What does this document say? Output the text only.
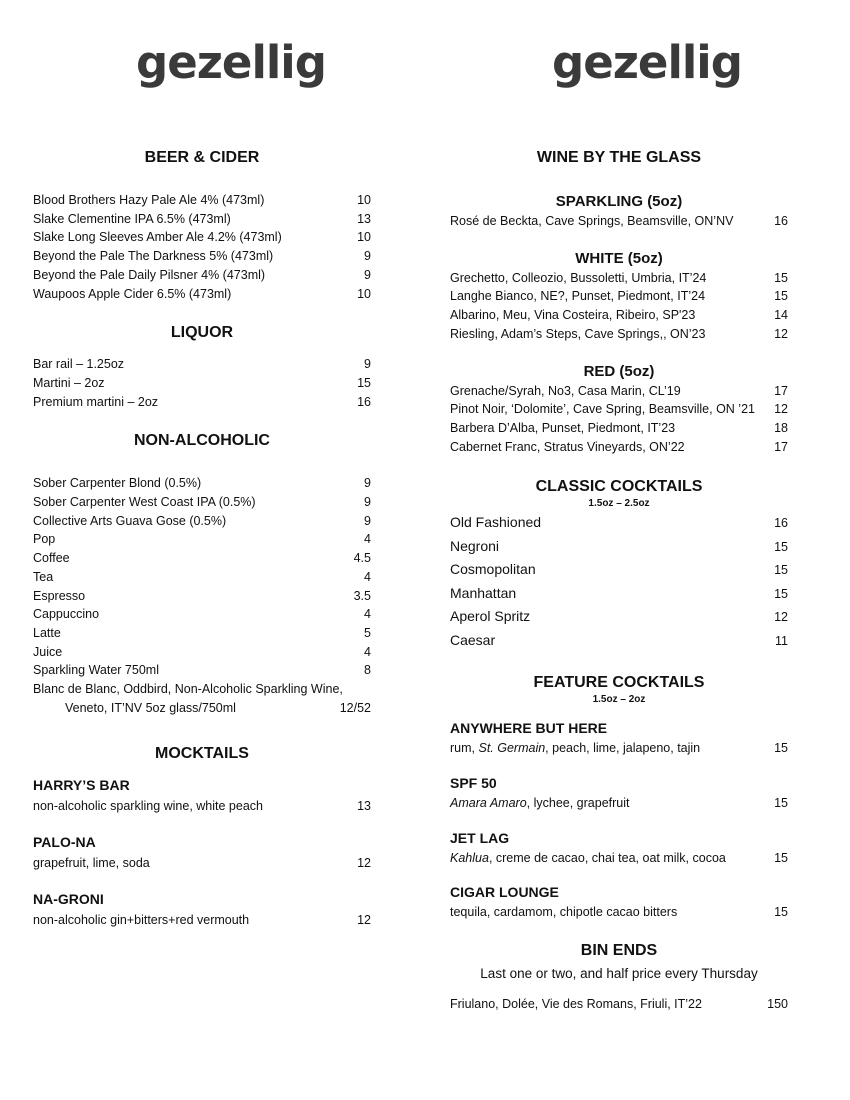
gezellig	gezellig
BEER & CIDER
Blood Brothers Hazy Pale Ale 4% (473ml)	10
Slake Clementine IPA 6.5% (473ml)	13
Slake Long Sleeves Amber Ale 4.2% (473ml)	10
Beyond the Pale The Darkness 5% (473ml)	9
Beyond the Pale Daily Pilsner 4% (473ml)	9
Waupoos Apple Cider 6.5% (473ml)	10
LIQUOR
Bar rail – 1.25oz	9
Martini – 2oz	15
Premium martini – 2oz	16
NON-ALCOHOLIC
Sober Carpenter Blond (0.5%)	9
Sober Carpenter West Coast IPA (0.5%)	9
Collective Arts Guava Gose (0.5%)	9
Pop	4
Coffee	4.5
Tea	4
Espresso	3.5
Cappuccino	4
Latte	5
Juice	4
Sparkling Water 750ml	8
Blanc de Blanc, Oddbird, Non-Alcoholic Sparkling Wine,
Veneto, IT’NV 5oz glass/750ml	12/52
MOCKTAILS

HARRY’S BAR

non-alcoholic sparkling wine, white peach	13

PALO-NA

grapefruit, lime, soda	12

NA-GRONI

non-alcoholic gin+bitters+red vermouth	12
WINE BY THE GLASS
SPARKLING (5oz)
Rosé de Beckta, Cave Springs, Beamsville, ON’NV	16
WHITE (5oz)
Grechetto, Colleozio, Bussoletti, Umbria, IT’24	15
Langhe Bianco, NE?, Punset, Piedmont, IT’24	15
Albarino, Meu, Vina Costeira, Ribeiro, SP'23	14
Riesling, Adam’s Steps, Cave Springs,, ON’23	12
RED (5oz)
Grenache/Syrah, No3, Casa Marin, CL’19	17
Pinot Noir, ‘Dolomite’, Cave Spring, Beamsville, ON ’21 12
Barbera D’Alba, Punset, Piedmont, IT’23	18
Cabernet Franc, Stratus Vineyards, ON’22	17
CLASSIC COCKTAILS

1.5oz – 2.5oz

Old Fashioned	16
Negroni	15
Cosmopolitan	15
Manhattan	15
Aperol Spritz	12
Caesar	11
FEATURE COCKTAILS

1.5oz – 2oz

ANYWHERE BUT HERE

rum, St. Germain, peach, lime, jalapeno, tajin	15

SPF 50

Amara Amaro, lychee, grapefruit	15

JET LAG

Kahlua, creme de cacao, chai tea, oat milk, cocoa	15

CIGAR LOUNGE

tequila, cardamom, chipotle cacao bitters	15
BIN ENDS
Last one or two, and half price every Thursday
Friulano, Dolée, Vie des Romans, Friuli, IT’22	150
